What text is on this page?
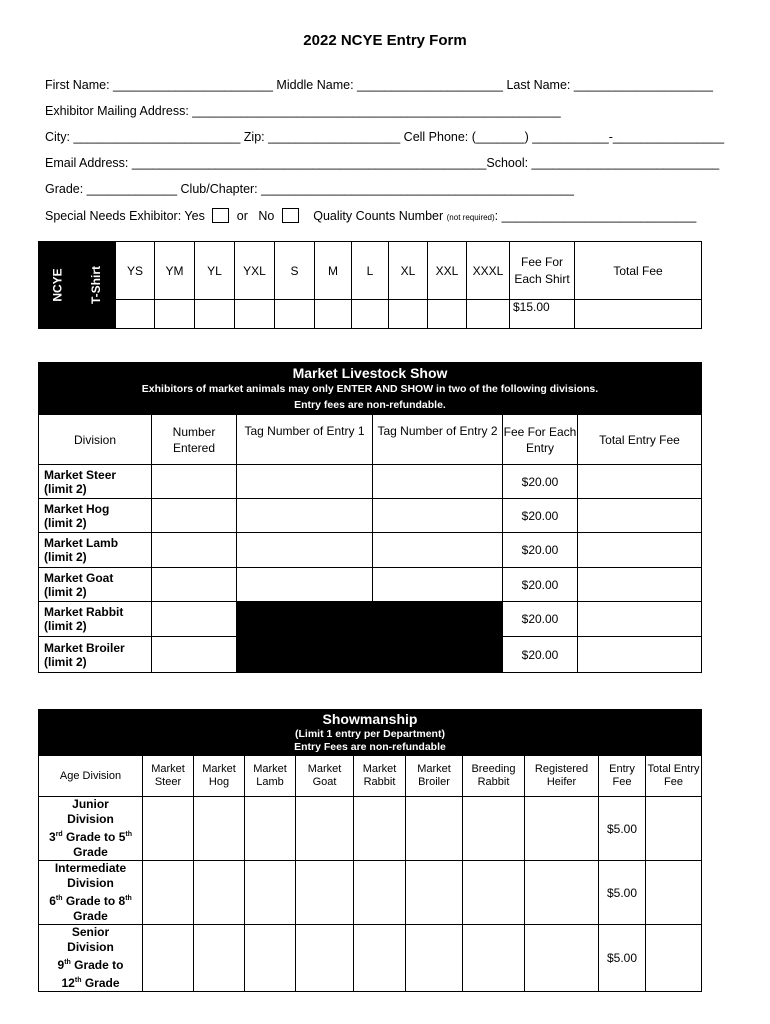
2022 NCYE Entry Form
First Name: _______________________ Middle Name: _____________________ Last Name: ____________________
Exhibitor Mailing Address: _____________________________________________________
City: ________________________ Zip: ___________________ Cell Phone: (_______) ___________-________________
Email Address: ___________________________________________________School: ___________________________
Grade: _____________ Club/Chapter: _____________________________________________
Special Needs Exhibitor: Yes	or No	Quality Counts Number (not required): ____________________________
NCYE	T-Shirt	YS	YM	YL	YXL	S	M	L	XL	XXL	XXXL	Fee For Each Shirt	Total Fee
												$15.00	
Market Livestock Show
Exhibitors of market animals may only ENTER AND SHOW in two of the following divisions.
Entry fees are non-refundable.					

Division	Number Entered	Tag Number of Entry 1	Tag Number of Entry 2	Fee For Each Entry	Total Entry Fee

Market Steer
(limit 2)				$20.00	

Market Hog
(limit 2)				$20.00	

Market Lamb
(limit 2)				$20.00	

Market Goat
(limit 2)				$20.00	

Market Rabbit
(limit 2)				$20.00	

Market Broiler
(limit 2)				$20.00	
Showmanship
(Limit 1 entry per Department)
Entry Fees are non-refundable										

Age Division	Market Steer	Market Hog	Market Lamb	Market Goat	Market Rabbit	Market Broiler	Breeding Rabbit	Registered Heifer	Entry Fee	Total Entry Fee

Junior
Division
3rd Grade to 5th
Grade									$5.00	

Intermediate
Division
6th Grade to 8th
Grade									$5.00	

Senior
Division
9th Grade to
12th Grade									$5.00	
